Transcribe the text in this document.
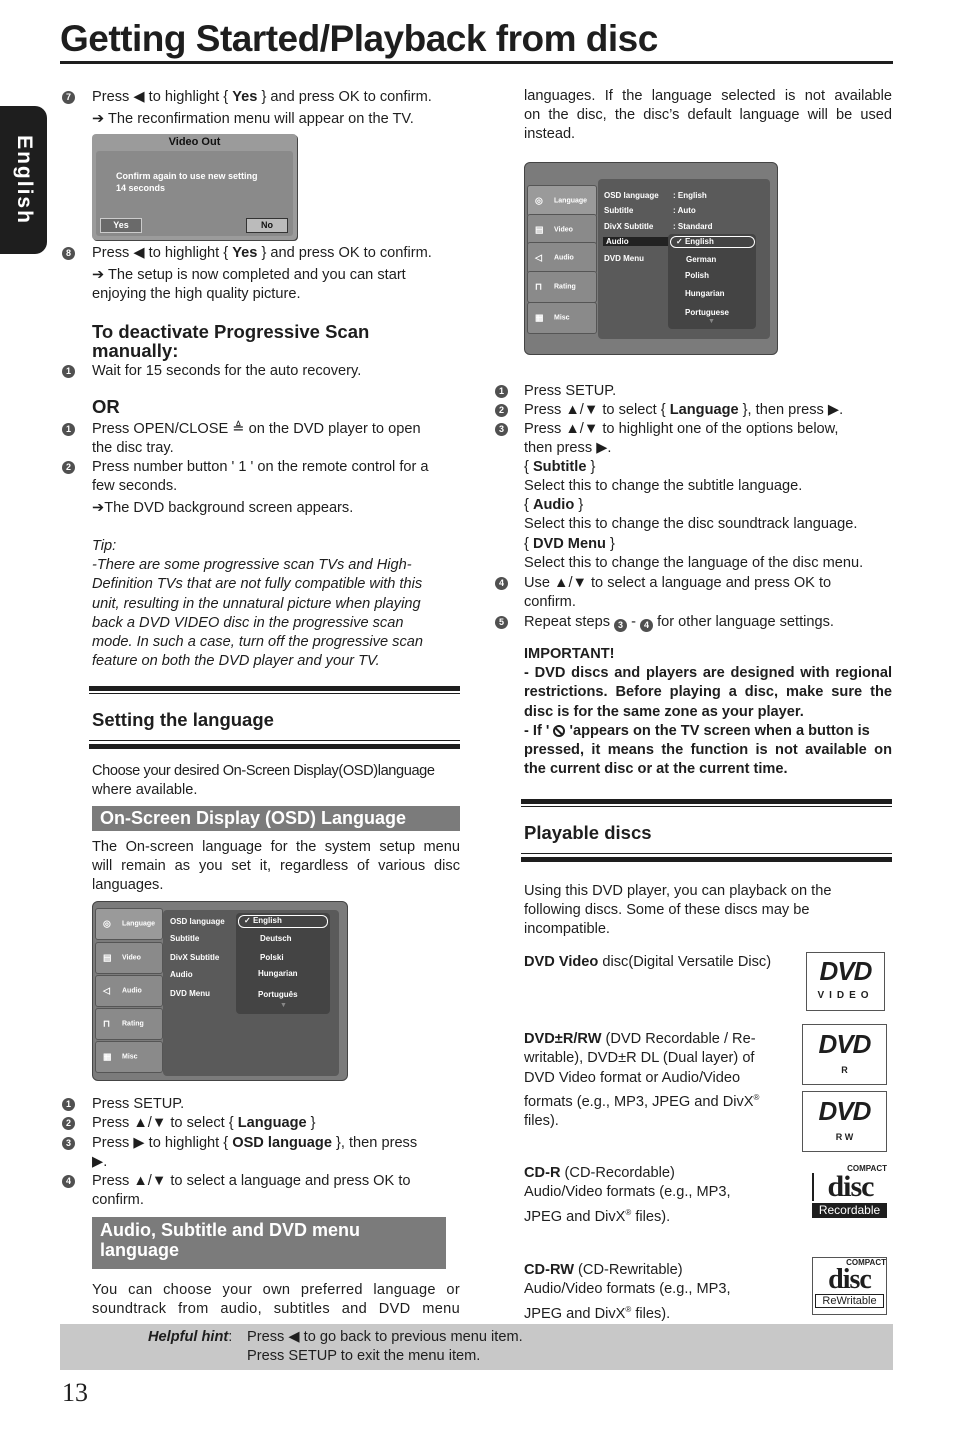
Getting Started/Playback from disc
English
7 Press ◀ to highlight { Yes } and press OK to confirm.
➔ The reconfirmation menu will appear on the TV.
Video Out
Confirm again to use new setting
14 seconds
Yes	No
8 Press ◀ to highlight { Yes } and press OK to confirm.
➔ The setup is now completed and you can start
enjoying the high quality picture.
To deactivate Progressive Scan
manually:
1 Wait for 15 seconds for the auto recovery.
OR
1 Press OPEN/CLOSE ≜ on the DVD player to open
the disc tray.
2 Press number button ' 1 ' on the remote control for a
few seconds.
➔The DVD background screen appears.
Tip:
-There are some progressive scan TVs and High-
Definition TVs that are not fully compatible with this
unit, resulting in the unnatural picture when playing
back a DVD VIDEO disc in the progressive scan
mode. In such a case, turn off the progressive scan
feature on both the DVD player and your TV.
Setting the language
Choose your desired On-Screen Display(OSD)language
where available.
On-Screen Display (OSD) Language
The On-screen language for the system setup menu
will remain as you set it, regardless of various disc
languages.
◎ Language
▤ Video
◁ Audio
⊓ Rating
▦ Misc
OSD language
Subtitle
DivX Subtitle
Audio
DVD Menu
✓ English
Deutsch
Polski
Hungarian
Português
▼
1 Press SETUP.
2 Press ▲/▼ to select { Language }
3 Press ▶ to highlight { OSD language }, then press
▶.
4 Press ▲/▼ to select a language and press OK to
confirm.
Audio, Subtitle and DVD menu
language
You can choose your own preferred language or
soundtrack from audio, subtitles and DVD menu
languages. If the language selected is not available
on the disc, the disc’s default language will be used
instead.
◎ Language
▤ Video
◁ Audio
⊓ Rating
▦ Misc
OSD language : English
Subtitle	: Auto
DivX Subtitle : Standard
Audio
DVD Menu
✓ English
German
Polish
Hungarian
Portuguese
▼
1 Press SETUP.
2 Press ▲/▼ to select { Language }, then press ▶.
3 Press ▲/▼ to highlight one of the options below,
then press ▶.
{ Subtitle }
Select this to change the subtitle language.
{ Audio }
Select this to change the disc soundtrack language.
{ DVD Menu }
Select this to change the language of the disc menu.
4 Use ▲/▼ to select a language and press OK to
confirm.
5 Repeat steps 3 - 4 for other language settings.
IMPORTANT!
- DVD discs and players are designed with regional
restrictions. Before playing a disc, make sure the
disc is for the same zone as your player.
- If '
'appears on the TV screen when a button is
pressed, it means the function is not available on
the current disc or at the current time.
Playable discs
Using this DVD player, you can playback on the
following discs. Some of these discs may be
incompatible.
DVD Video disc(Digital Versatile Disc)	DVD
VIDEO
DVD±R/RW (DVD Recordable / Re-
writable), DVD±R DL (Dual layer) of
DVD Video format or Audio/Video
formats (e.g., MP3, JPEG and DivX®
files).
DVD
R
DVD
R W
CD-R (CD-Recordable)
Audio/Video formats (e.g., MP3,
JPEG and DivX® files).
COMPACT
disc
Recordable
CD-RW (CD-Rewritable)
Audio/Video formats (e.g., MP3,
JPEG and DivX® files).
COMPACT
disc
ReWritable
Helpful hint: Press ◀ to go back to previous menu item.
Press SETUP to exit the menu item.
13
